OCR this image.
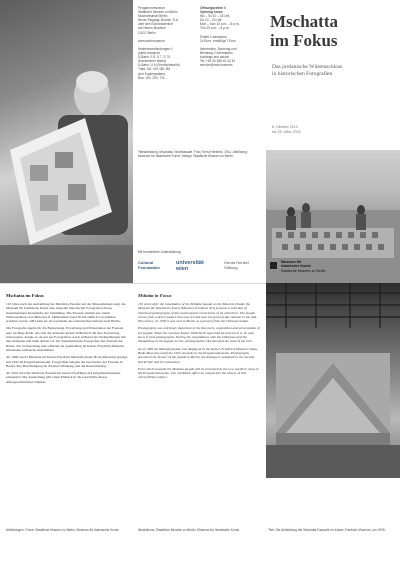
Pergamonmuseum
Staatliche Museen zu Berlin
Museumsinsel Berlin
Neuer Eingang: Brücke, S.A.
über den Kolonnadenhof
am Neuen Museum
10117 Berlin

www.smb.museum

Verkehrsverbindungen //
public transport
S-Bahn: S 5, S 7, S 75
(Hackescher Markt)
U-Bahn: U 6 (Friedrichstraße)
Tram: M1, M4, M5, M6
(Am Kupfergraben)
Bus: 100, 200, TXL
Öffnungszeiten //
Opening hours
Mo – So 10 – 18 Uhr,
Do 10 – 20 Uhr
Mon – Sun 10 a.m. – 6 p.m.,
Thu 10 a.m. – 8 p.m.

Eintritt // admission
14 Euro, ermäßigt 7 Euro

Information, Buchung und
Beratung // Information,
bookings and advice
Tel. +49 30 266 42 42 42
service@smb.museum
Titelabbildung: Mschatta, Nordfassade. Foto: Ernst Herzfeld, 1911. Abbildung: Museum für Islamische Kunst. Design: Staatliche Museen zu Berlin.
Mit freundlicher Unterstützung
Cultural Foundation
universität wien
Gerda Henkel Stiftung
Mschatta
im Fokus
Das jordanische Wüstenschloss
in historischen Fotografien
8. Oktober 2014
bis 25. März 2015
Museum für
Islamische Kunst
Staatliche Museen zu Berlin
Mschatta im Fokus

110 Jahre nach der Aufstellung der Mschatta-Fassade auf der Museumsinsel zeigt das Museum für Islamische Kunst eine Auswahl historischer Fotografien dieses monumentalen Kernstücks der Sammlung. Die Fassade stammt aus einem Wüstenschloss, das Mitte des 8. Jahrhunderts rund 30 km südlich von Amman errichtet wurde. 1903 kam sie als Geschenk des osmanischen Sultans nach Berlin.

Die Fotografie spielte für die Entdeckung, Erwerbung und Präsentation der Fassade eine wichtige Rolle. Als sich der deutsche Kaiser Wilhelm II. für ihre Erwerbung interessierte, kannte er sie nur aus Fotografien. Auch während der Verhandlungen mit den Osmanen und beim Abbau vor Ort dokumentierten Fotografen den Zustand der Ruine. Zur Vorbereitung und während der Aufstellung im Kaiser-Friedrich-Museum entstanden zahlreiche Aufnahmen.

Ab 1906 wurde Mschatta im Kaiser-Friedrich-Museum (heute Bode-Museum) gezeigt, seit 1932 im Pergamonmuseum. Fotografien belegen die Geschichte der Fassade in Berlin, ihre Beschädigung im Zweiten Weltkrieg und die Restaurierung.

Ab 2016 wird die Mschatta-Fassade im neuen Nordflügel des Pergamonmuseums präsentiert. Die Ausstellung gibt einen Einblick in die Geschichte dieses außergewöhnlichen Objekts.

Abbildungen: Fotos: Staatliche Museen zu Berlin, Museum für Islamische Kunst.
Mshatta in Focus

110 years after the installation of the Mshatta façade on the Museum Island, the Museum für Islamische Kunst (Museum of Islamic Art) presents a selection of historical photographs of this monumental cornerstone of its collection. The façade comes from a desert palace that was erected near the present-day Amman in the mid-8th century. In 1903 it was sent to Berlin as a present from the Ottoman Sultan.

Photography was extremely important in the discovery, acquisition and presentation of the façade. When the German Kaiser Wilhelm II expressed an interest in it, he only knew it from photographs. During the negotiations with the Ottomans and the dismantling of the façade on site, photographers documented the state of the ruin.

As of 1906 the Mshatta façade was displayed in the Kaiser-Friedrich-Museum (today Bode-Museum) and from 1932 onwards in the Pergamonmuseum. Photographs document the history of the façade in Berlin, the damage it sustained in the Second World War and its restoration.

From 2016 onwards the Mshatta façade will be presented in the new northern wing of the Pergamonmuseum. The exhibition offers an insight into the history of this extraordinary object.

Illustrations: Staatliche Museen zu Berlin, Museum für Islamische Kunst.	Titel: Die Aufstellung der Mschatta-Fassade im Kaiser-Friedrich-Museum, um 1906.
